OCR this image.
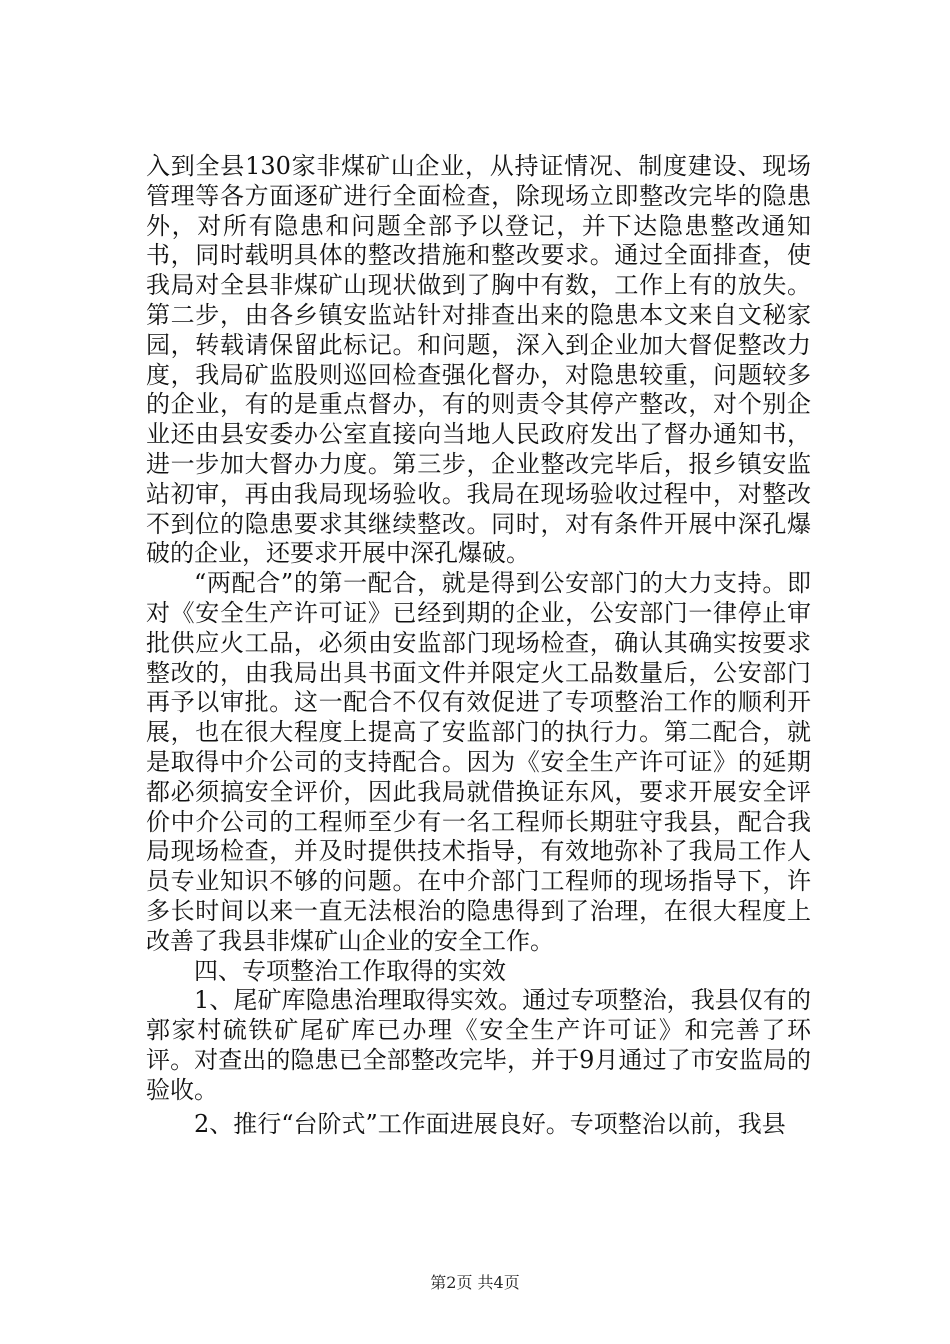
入到全县130家非煤矿山企业，从持证情况、制度建设、现场管理等各方面逐矿进行全面检查，除现场立即整改完毕的隐患外，对所有隐患和问题全部予以登记，并下达隐患整改通知书，同时载明具体的整改措施和整改要求。通过全面排查，使我局对全县非煤矿山现状做到了胸中有数，工作上有的放失。第二步，由各乡镇安监站针对排查出来的隐患本文来自文秘家园，转载请保留此标记。和问题，深入到企业加大督促整改力度，我局矿监股则巡回检查强化督办，对隐患较重，问题较多的企业，有的是重点督办，有的则责令其停产整改，对个别企业还由县安委办公室直接向当地人民政府发出了督办通知书，进一步加大督办力度。第三步，企业整改完毕后，报乡镇安监站初审，再由我局现场验收。我局在现场验收过程中，对整改不到位的隐患要求其继续整改。同时，对有条件开展中深孔爆破的企业，还要求开展中深孔爆破。

“两配合”的第一配合，就是得到公安部门的大力支持。即对《安全生产许可证》已经到期的企业，公安部门一律停止审批供应火工品，必须由安监部门现场检查，确认其确实按要求整改的，由我局出具书面文件并限定火工品数量后，公安部门再予以审批。这一配合不仅有效促进了专项整治工作的顺利开展，也在很大程度上提高了安监部门的执行力。第二配合，就是取得中介公司的支持配合。因为《安全生产许可证》的延期都必须搞安全评价，因此我局就借换证东风，要求开展安全评价中介公司的工程师至少有一名工程师长期驻守我县，配合我局现场检查，并及时提供技术指导，有效地弥补了我局工作人员专业知识不够的问题。在中介部门工程师的现场指导下，许多长时间以来一直无法根治的隐患得到了治理，在很大程度上改善了我县非煤矿山企业的安全工作。

四、专项整治工作取得的实效

1、尾矿库隐患治理取得实效。通过专项整治，我县仅有的郭家村硫铁矿尾矿库已办理《安全生产许可证》和完善了环评。对查出的隐患已全部整改完毕，并于9月通过了市安监局的验收。

2、推行“台阶式”工作面进展良好。专项整治以前，我县

第2页 共4页
